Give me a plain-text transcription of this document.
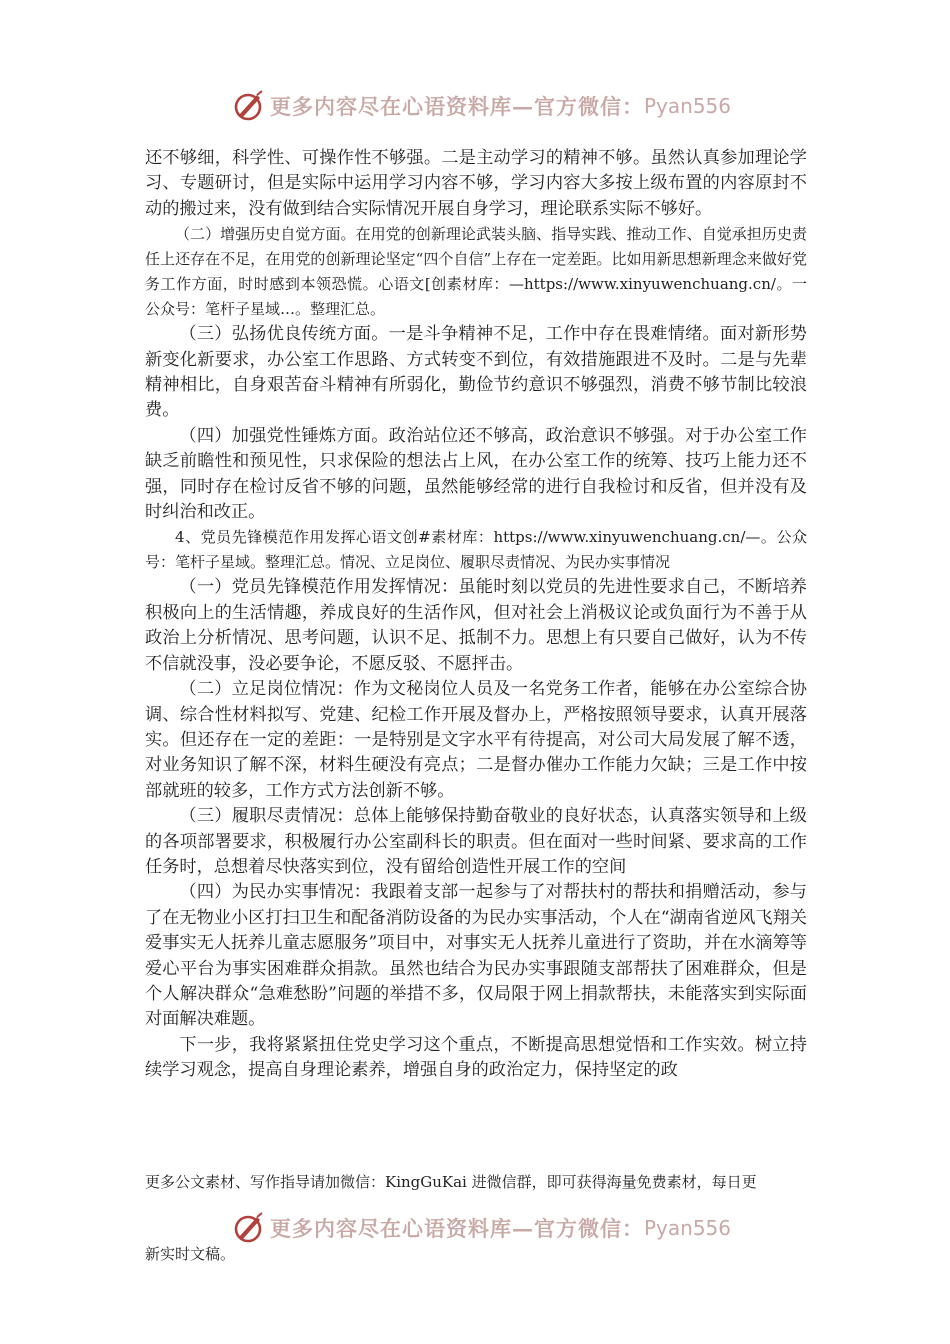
更多内容尽在心语资料库—官方微信： Pyan556

还不够细，科学性、可操作性不够强。二是主动学习的精神不够。虽然认真参加理论学习、专题研讨，但是实际中运用学习内容不够，学习内容大多按上级布置的内容原封不动的搬过来，没有做到结合实际情况开展自身学习，理论联系实际不够好。

（二）增强历史自觉方面。在用党的创新理论武装头脑、指导实践、推动工作、自觉承担历史责任上还存在不足，在用党的创新理论坚定“四个自信”上存在一定差距。比如用新思想新理念来做好党务工作方面，时时感到本领恐慌。心语文[创素材库：—https://www.xinyuwenchuang.cn/。一公众号：笔杆子星域…。整理汇总。

（三）弘扬优良传统方面。一是斗争精神不足，工作中存在畏难情绪。面对新形势新变化新要求，办公室工作思路、方式转变不到位，有效措施跟进不及时。二是与先辈精神相比，自身艰苦奋斗精神有所弱化，勤俭节约意识不够强烈，消费不够节制比较浪费。

（四）加强党性锤炼方面。政治站位还不够高，政治意识不够强。对于办公室工作缺乏前瞻性和预见性，只求保险的想法占上风，在办公室工作的统筹、技巧上能力还不强，同时存在检讨反省不够的问题，虽然能够经常的进行自我检讨和反省，但并没有及时纠治和改正。

4、党员先锋模范作用发挥心语文创#素材库：https://www.xinyuwenchuang.cn/—。公众号：笔杆子星域。整理汇总。情况、立足岗位、履职尽责情况、为民办实事情况

（一）党员先锋模范作用发挥情况：虽能时刻以党员的先进性要求自己，不断培养积极向上的生活情趣，养成良好的生活作风，但对社会上消极议论或负面行为不善于从政治上分析情况、思考问题，认识不足、抵制不力。思想上有只要自己做好，认为不传不信就没事，没必要争论，不愿反驳、不愿抨击。

（二）立足岗位情况：作为文秘岗位人员及一名党务工作者，能够在办公室综合协调、综合性材料拟写、党建、纪检工作开展及督办上，严格按照领导要求，认真开展落实。但还存在一定的差距：一是特别是文字水平有待提高，对公司大局发展了解不透，对业务知识了解不深，材料生硬没有亮点；二是督办催办工作能力欠缺；三是工作中按部就班的较多，工作方式方法创新不够。

（三）履职尽责情况：总体上能够保持勤奋敬业的良好状态，认真落实领导和上级的各项部署要求，积极履行办公室副科长的职责。但在面对一些时间紧、要求高的工作任务时，总想着尽快落实到位，没有留给创造性开展工作的空间

（四）为民办实事情况：我跟着支部一起参与了对帮扶村的帮扶和捐赠活动，参与了在无物业小区打扫卫生和配备消防设备的为民办实事活动，个人在“湖南省逆风飞翔关爱事实无人抚养儿童志愿服务”项目中，对事实无人抚养儿童进行了资助，并在水滴筹等爱心平台为事实困难群众捐款。虽然也结合为民办实事跟随支部帮扶了困难群众，但是个人解决群众“急难愁盼”问题的举措不多，仅局限于网上捐款帮扶，未能落实到实际面对面解决难题。

下一步，我将紧紧扭住党史学习这个重点，不断提高思想觉悟和工作实效。树立持续学习观念，提高自身理论素养，增强自身的政治定力，保持坚定的政

更多公文素材、写作指导请加微信：KingGuKai 进微信群，即可获得海量免费素材，每日更
更多内容尽在心语资料库—官方微信： Pyan556
新实时文稿。
